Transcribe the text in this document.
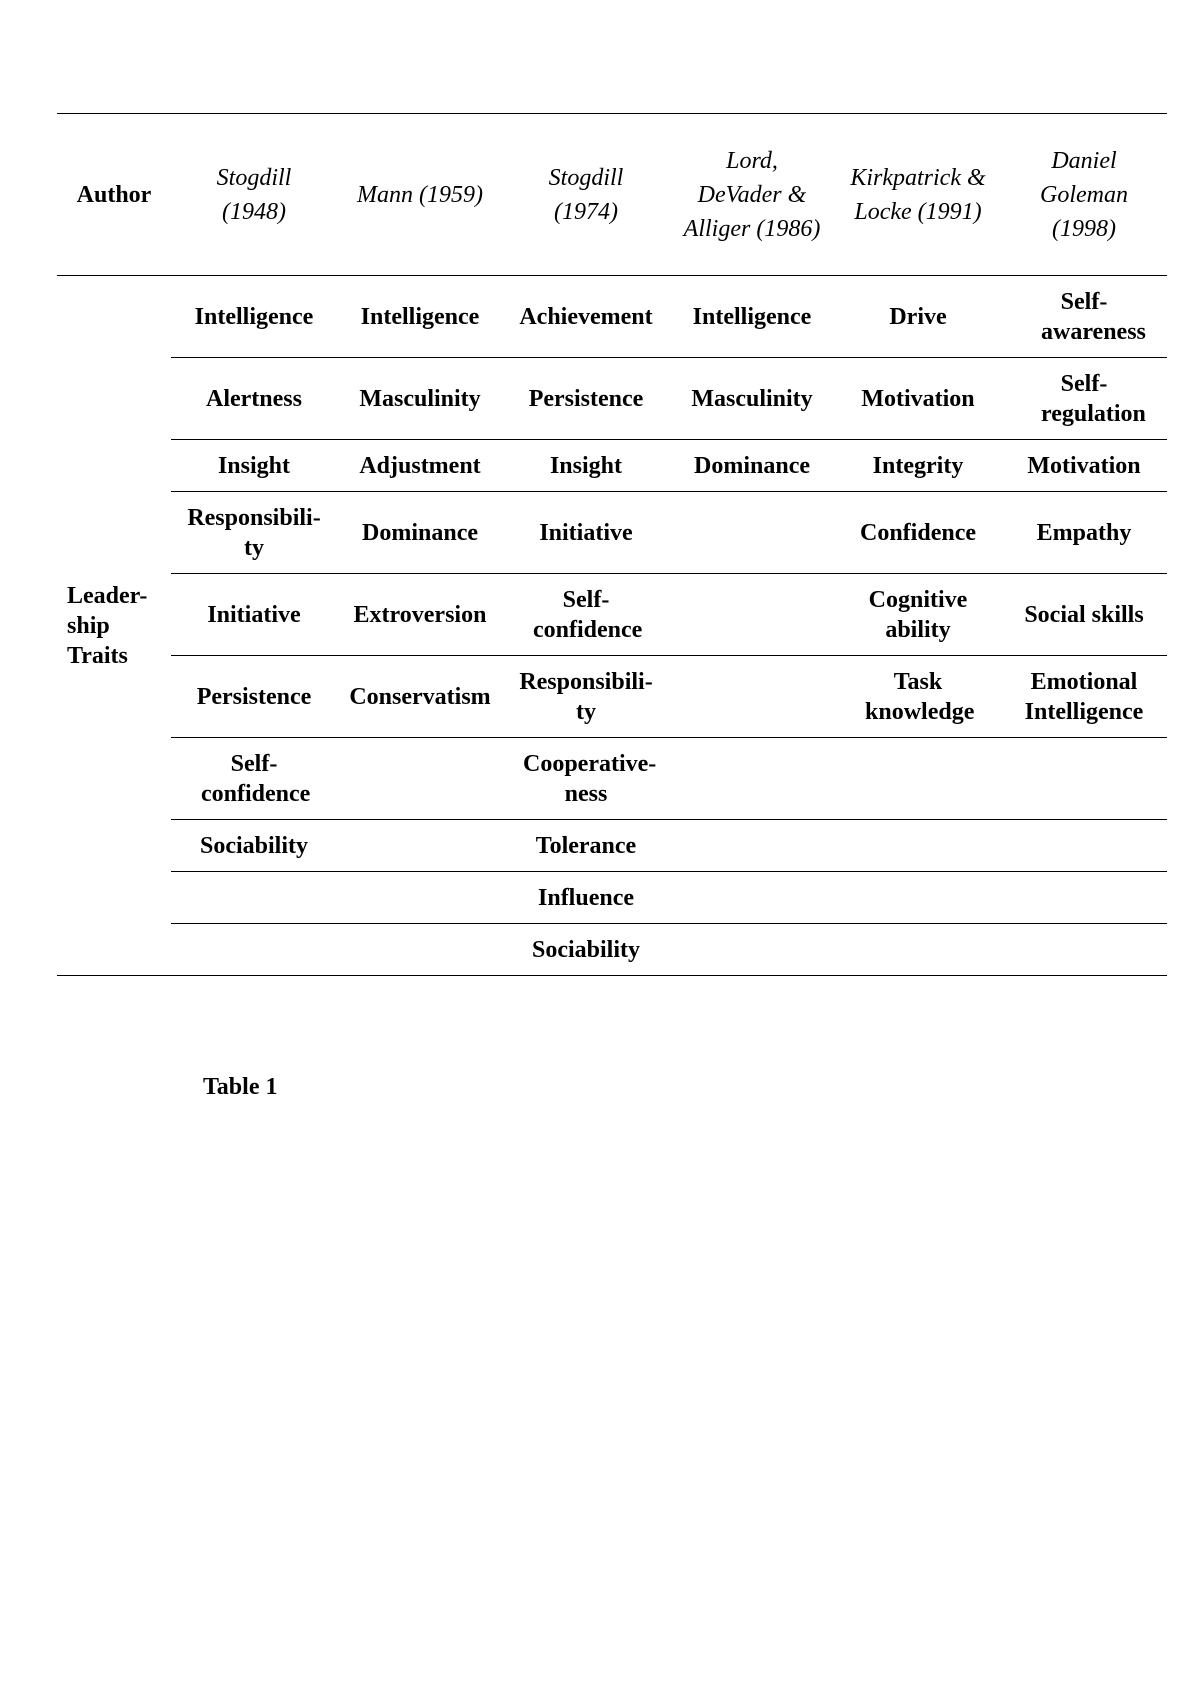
Author	Stogdill (1948)	Mann (1959)	Stogdill (1974)	Lord, DeVader & Alliger (1986)	Kirkpatrick & Locke (1991)	Daniel Goleman (1998)
Leader-ship Traits	Intelligence	Intelligence	Achievement	Intelligence	Drive	Self-awareness
	Alertness	Masculinity	Persistence	Masculinity	Motivation	Self-regulation
	Insight	Adjustment	Insight	Dominance	Integrity	Motivation
	Responsibili-ty	Dominance	Initiative		Confidence	Empathy
	Initiative	Extroversion	Self-confidence		Cognitive ability	Social skills
	Persistence	Conservatism	Responsibili-ty		Task knowledge	Emotional Intelligence
	Self-confidence		Cooperative-ness			
	Sociability		Tolerance			
			Influence			
			Sociability			
Table 1
